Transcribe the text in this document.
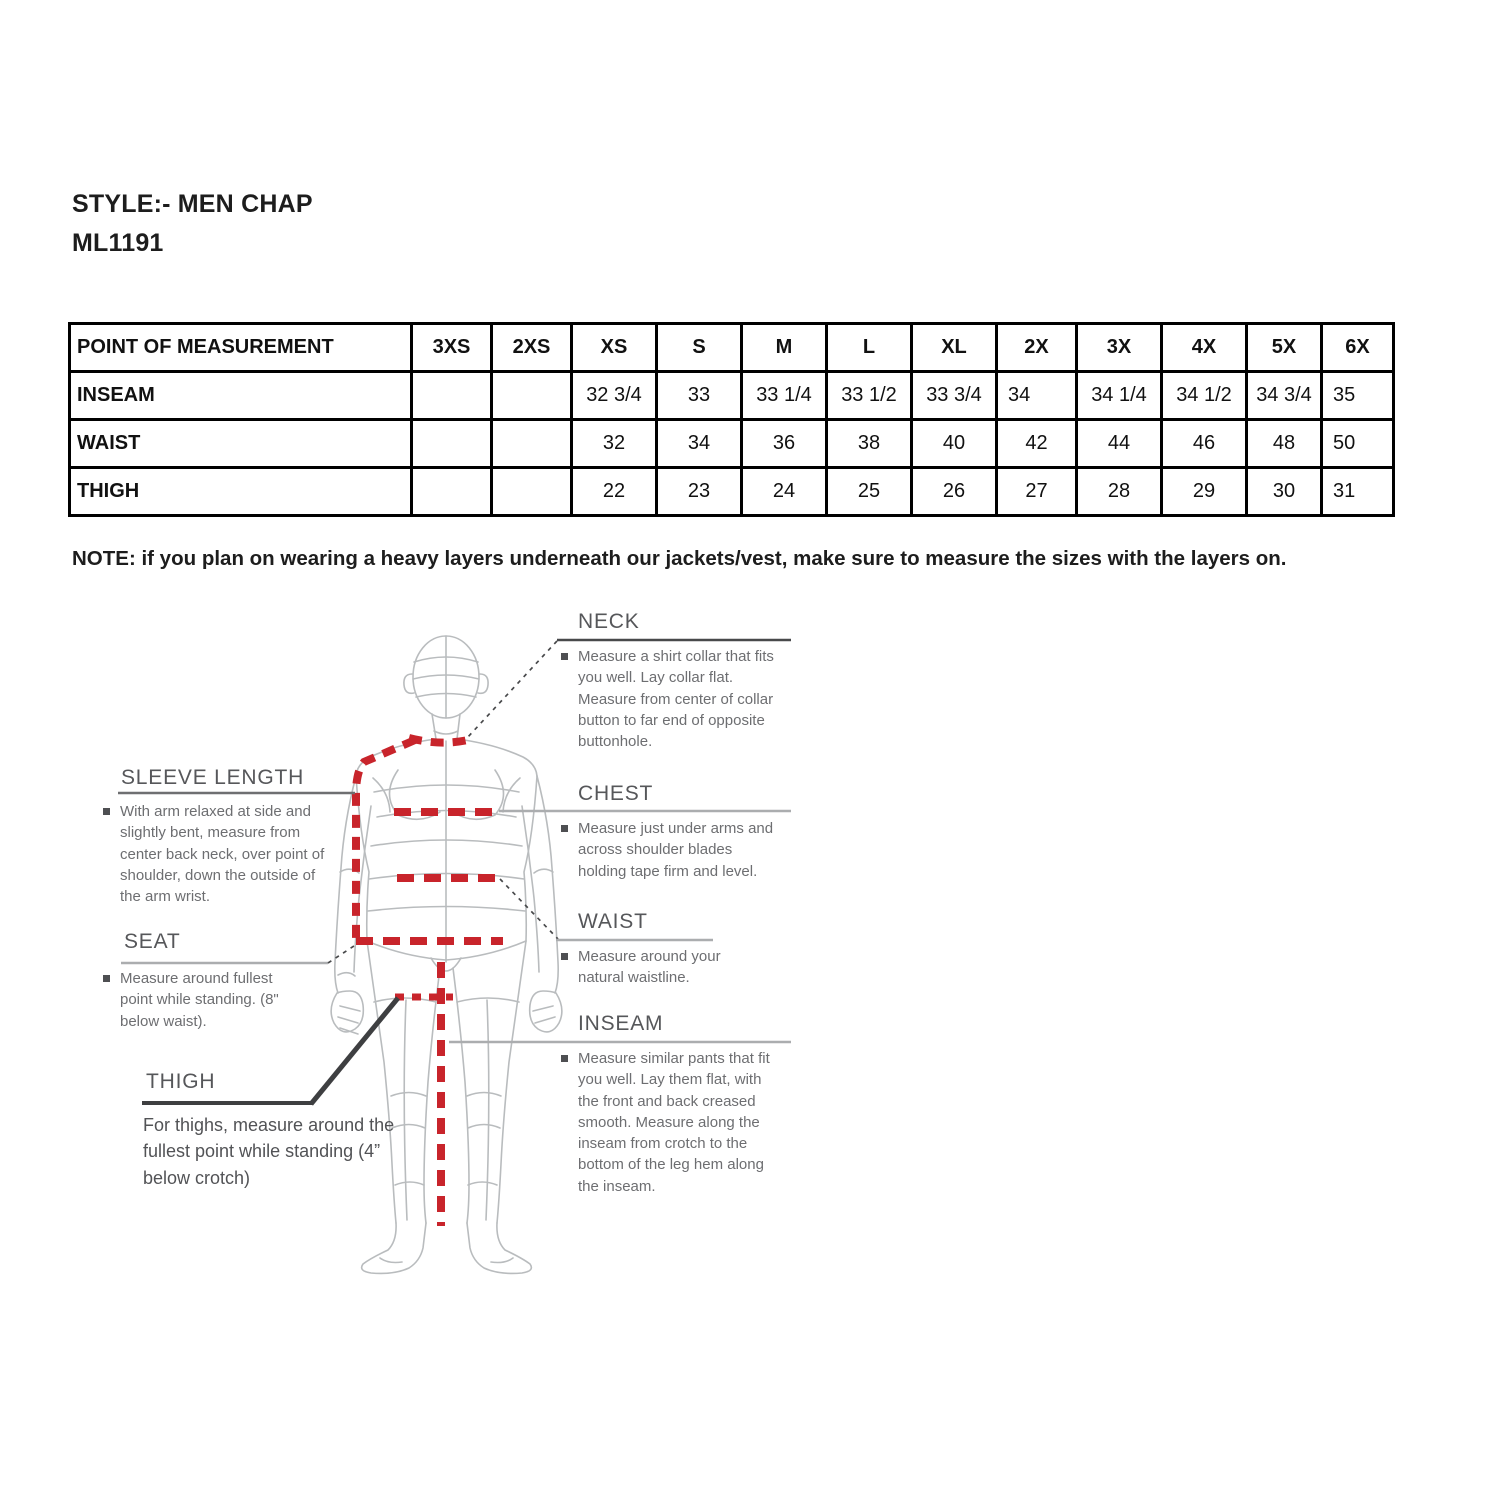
STYLE:- MEN CHAP
ML1191
POINT OF MEASUREMENT	3XS	2XS	XS	S	M	L	XL	2X	3X	4X	5X	6X
INSEAM			32 3/4	33	33 1/4	33 1/2	33 3/4	34	34 1/4	34 1/2	34 3/4	35
WAIST			32	34	36	38	40	42	44	46	48	50
THIGH			22	23	24	25	26	27	28	29	30	31
NOTE: if you plan on wearing a heavy layers underneath our jackets/vest, make sure to measure the sizes with the layers on.
NECK
Measure a shirt collar that fits you well. Lay collar flat. Measure from center of collar button to far end of opposite buttonhole.
SLEEVE LENGTH
With arm relaxed at side and slightly bent, measure from center back neck, over point of shoulder, down the outside of the arm wrist.
CHEST
Measure just under arms and across shoulder blades holding tape firm and level.
SEAT
Measure around fullest point while standing. (8" below waist).
WAIST
Measure around your natural waistline.
THIGH
For thighs, measure around the fullest point while standing (4” below crotch)
INSEAM
Measure similar pants that fit you well. Lay them flat, with the front and back creased smooth. Measure along the inseam from crotch to the bottom of the leg hem along the inseam.
